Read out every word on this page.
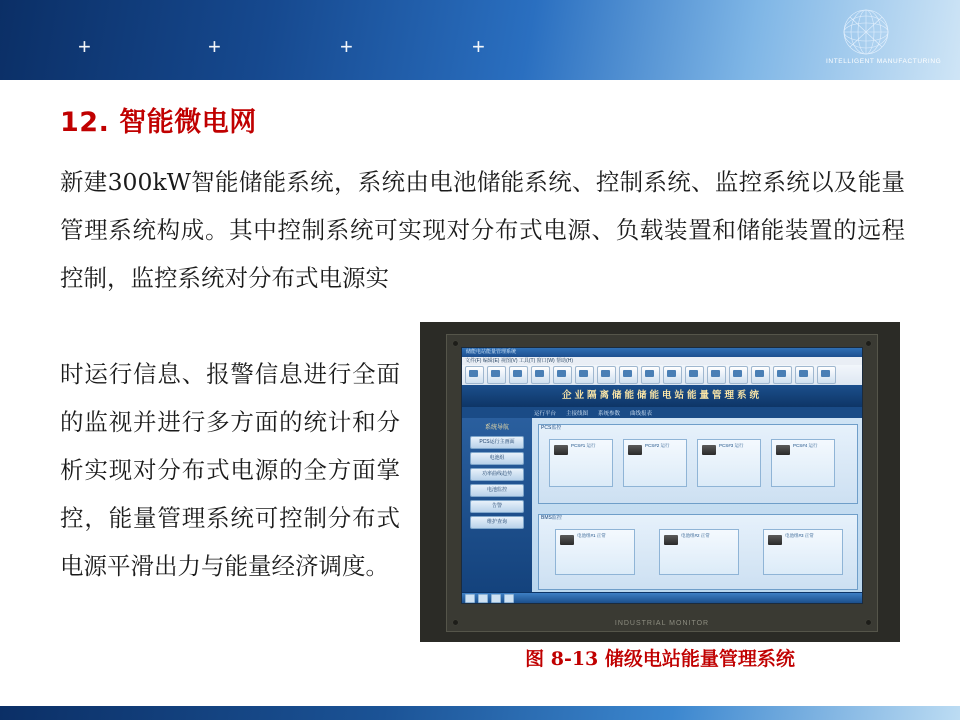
+	+	+	+
INTELLIGENT MANUFACTURING
12. 智能微电网
新建300kW智能储能系统，系统由电池储能系统、控制系统、监控系统以及能量管理系统构成。其中控制系统可实现对分布式电源、负载装置和储能装置的远程控制，监控系统对分布式电源实
时运行信息、报警信息进行全面的监视并进行多方面的统计和分析实现对分布式电源的全方面掌控，能量管理系统可控制分布式电源平滑出力与能量经济调度。
INDUSTRIAL MONITOR
储能电站能量管理系统
文件(F) 编辑(E) 视图(V) 工具(T) 窗口(W) 帮助(H)
企业隔离储能储能电站能量管理系统
运行平台 主接线图 系统参数 曲线报表
系统导航
PCS运行主画面
电池组
功率曲线趋势
电池监控
告警
维护查询
PCS监控
PCS#1 运行	PCS#2 运行	PCS#3 运行	PCS#4 运行
BMS监控
电池组#1 正常	电池组#2 正常	电池组#3 正常
图 8-13 储级电站能量管理系统
